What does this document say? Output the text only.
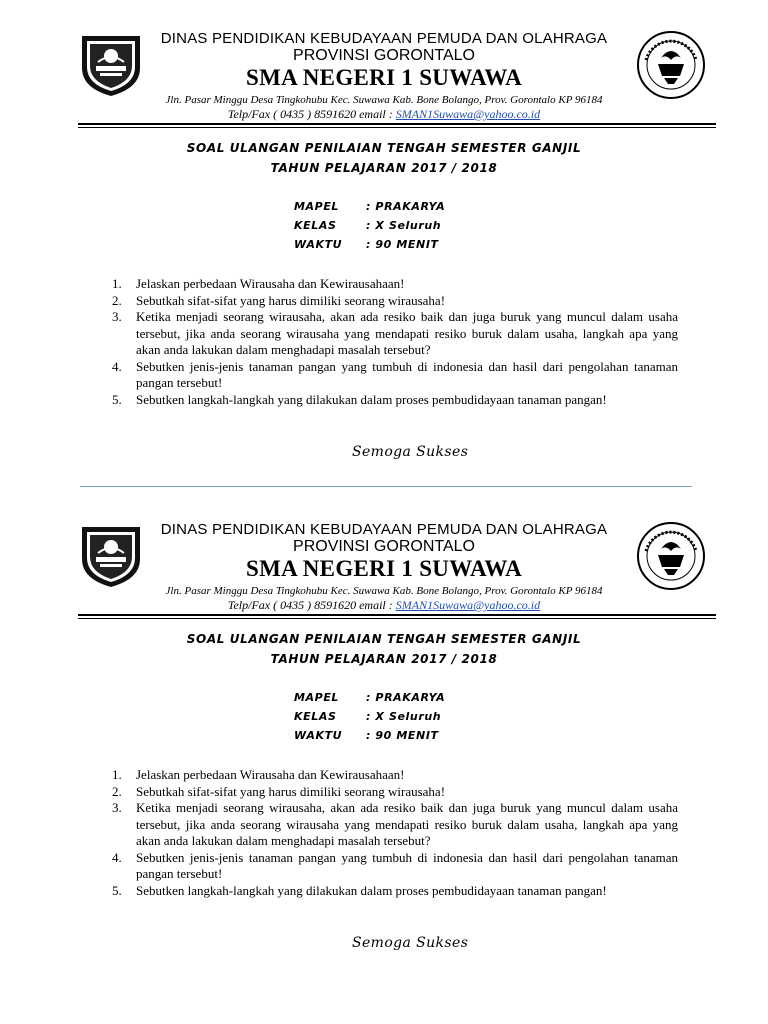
DINAS PENDIDIKAN KEBUDAYAAN PEMUDA DAN OLAHRAGA
PROVINSI GORONTALO
SMA NEGERI 1 SUWAWA
Jln. Pasar Minggu Desa Tingkohubu Kec. Suwawa Kab. Bone Bolango, Prov. Gorontalo KP 96184
Telp/Fax ( 0435 ) 8591620 email : SMAN1Suwawa@yahoo.co.id
SOAL ULANGAN PENILAIAN TENGAH SEMESTER GANJIL
TAHUN PELAJARAN 2017 / 2018
MAPEL : PRAKARYA
KELAS	: X Seluruh
WAKTU : 90 MENIT
1. Jelaskan perbedaan Wirausaha dan Kewirausahaan!
2. Sebutkah sifat-sifat yang harus dimiliki seorang wirausaha!
3. Ketika menjadi seorang wirausaha, akan ada resiko baik dan juga buruk yang muncul dalam usaha tersebut, jika anda seorang wirausaha yang mendapati resiko buruk dalam usaha, langkah apa yang akan anda lakukan dalam menghadapi masalah tersebut?
4. Sebutken jenis-jenis tanaman pangan yang tumbuh di indonesia dan hasil dari pengolahan tanaman pangan tersebut!
5. Sebutken langkah-langkah yang dilakukan dalam proses pembudidayaan tanaman pangan!
Semoga Sukses
DINAS PENDIDIKAN KEBUDAYAAN PEMUDA DAN OLAHRAGA
PROVINSI GORONTALO
SMA NEGERI 1 SUWAWA
Jln. Pasar Minggu Desa Tingkohubu Kec. Suwawa Kab. Bone Bolango, Prov. Gorontalo KP 96184
Telp/Fax ( 0435 ) 8591620 email : SMAN1Suwawa@yahoo.co.id
SOAL ULANGAN PENILAIAN TENGAH SEMESTER GANJIL
TAHUN PELAJARAN 2017 / 2018
MAPEL : PRAKARYA
KELAS	: X Seluruh
WAKTU : 90 MENIT
1. Jelaskan perbedaan Wirausaha dan Kewirausahaan!
2. Sebutkah sifat-sifat yang harus dimiliki seorang wirausaha!
3. Ketika menjadi seorang wirausaha, akan ada resiko baik dan juga buruk yang muncul dalam usaha tersebut, jika anda seorang wirausaha yang mendapati resiko buruk dalam usaha, langkah apa yang akan anda lakukan dalam menghadapi masalah tersebut?
4. Sebutken jenis-jenis tanaman pangan yang tumbuh di indonesia dan hasil dari pengolahan tanaman pangan tersebut!
5. Sebutken langkah-langkah yang dilakukan dalam proses pembudidayaan tanaman pangan!
Semoga Sukses
